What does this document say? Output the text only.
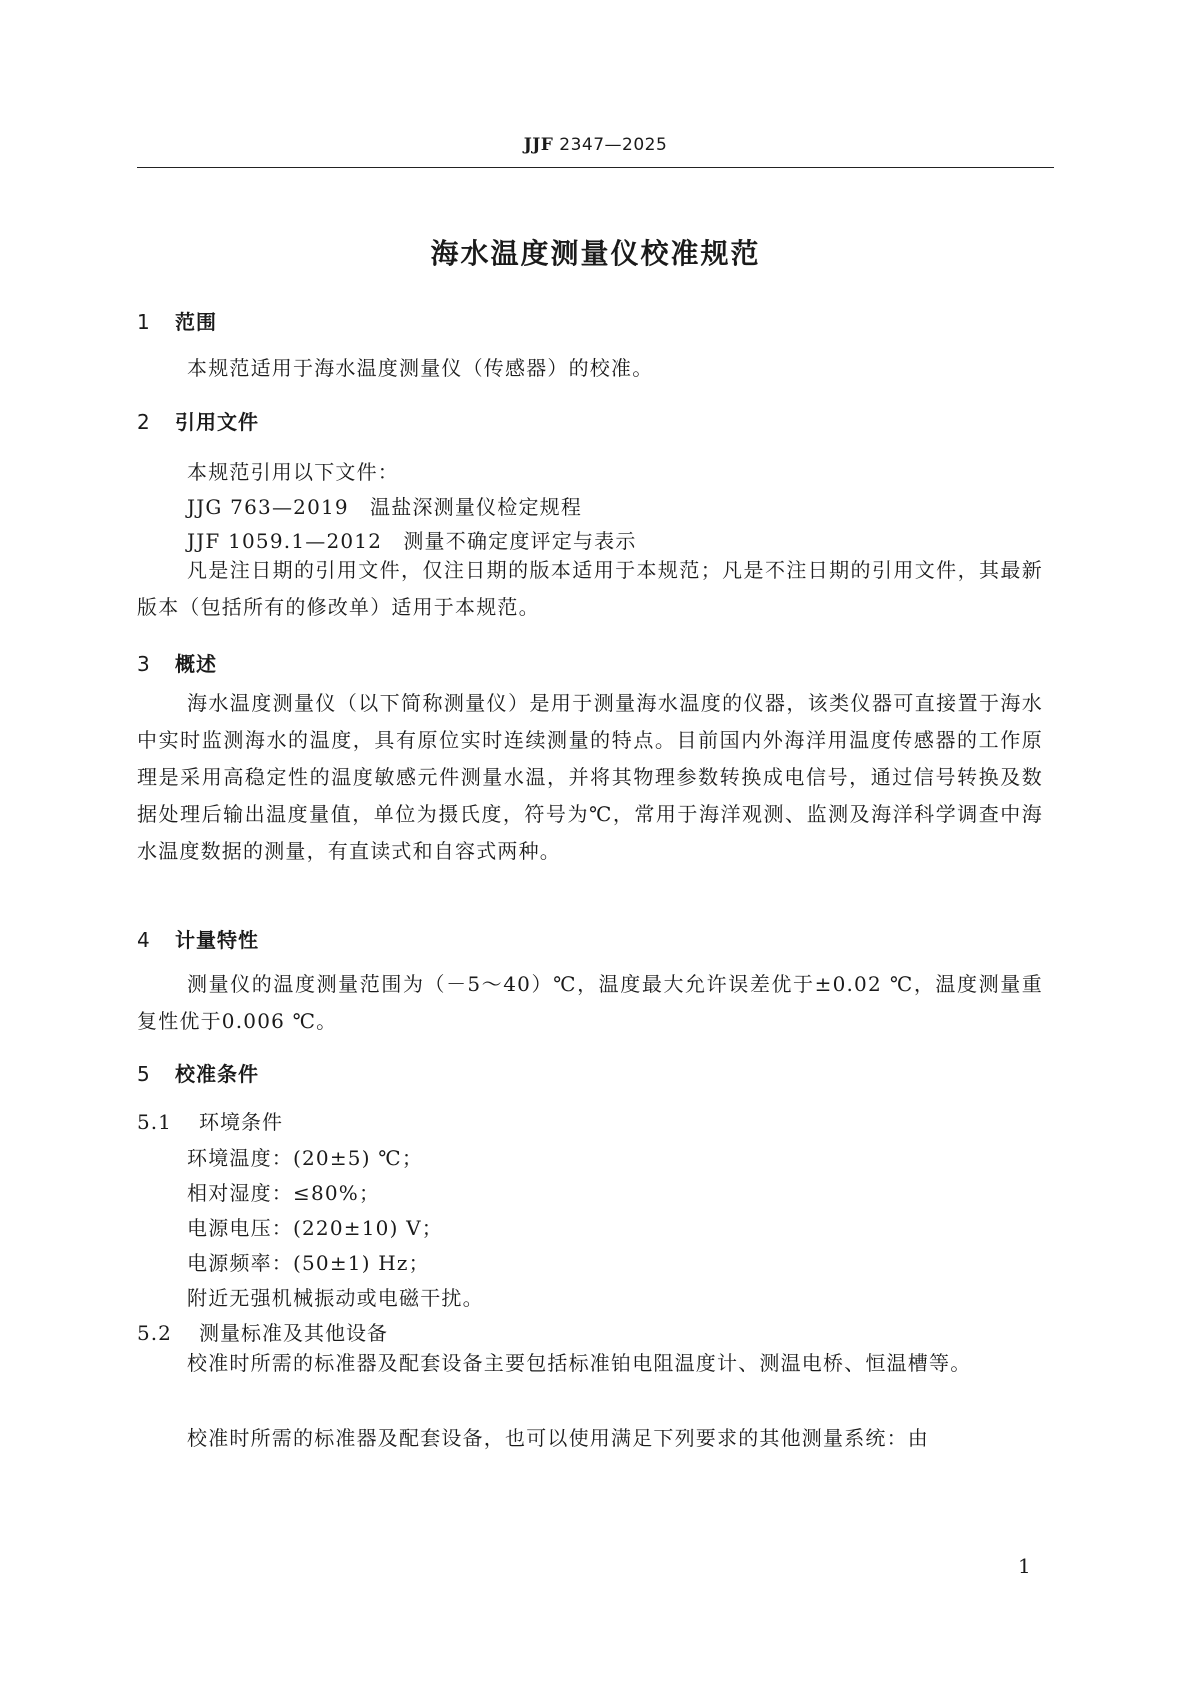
JJF 2347—2025
海水温度测量仪校准规范
1 范围
本规范适用于海水温度测量仪（传感器）的校准。
2 引用文件
本规范引用以下文件：
JJG 763—2019　温盐深测量仪检定规程
JJF 1059.1—2012　测量不确定度评定与表示
凡是注日期的引用文件，仅注日期的版本适用于本规范；凡是不注日期的引用文件，其最新版本（包括所有的修改单）适用于本规范。
3 概述
海水温度测量仪（以下简称测量仪）是用于测量海水温度的仪器，该类仪器可直接置于海水中实时监测海水的温度，具有原位实时连续测量的特点。目前国内外海洋用温度传感器的工作原理是采用高稳定性的温度敏感元件测量水温，并将其物理参数转换成电信号，通过信号转换及数据处理后输出温度量值，单位为摄氏度，符号为℃，常用于海洋观测、监测及海洋科学调查中海水温度数据的测量，有直读式和自容式两种。
4 计量特性
测量仪的温度测量范围为（－5～40）℃，温度最大允许误差优于±0.02 ℃，温度测量重复性优于0.006 ℃。
5 校准条件
5.1 环境条件
环境温度：(20±5) ℃；
相对湿度：≤80%；
电源电压：(220±10) V；
电源频率：(50±1) Hz；
附近无强机械振动或电磁干扰。
5.2 测量标准及其他设备
校准时所需的标准器及配套设备主要包括标准铂电阻温度计、测温电桥、恒温槽等。
校准时所需的标准器及配套设备，也可以使用满足下列要求的其他测量系统：由
1
